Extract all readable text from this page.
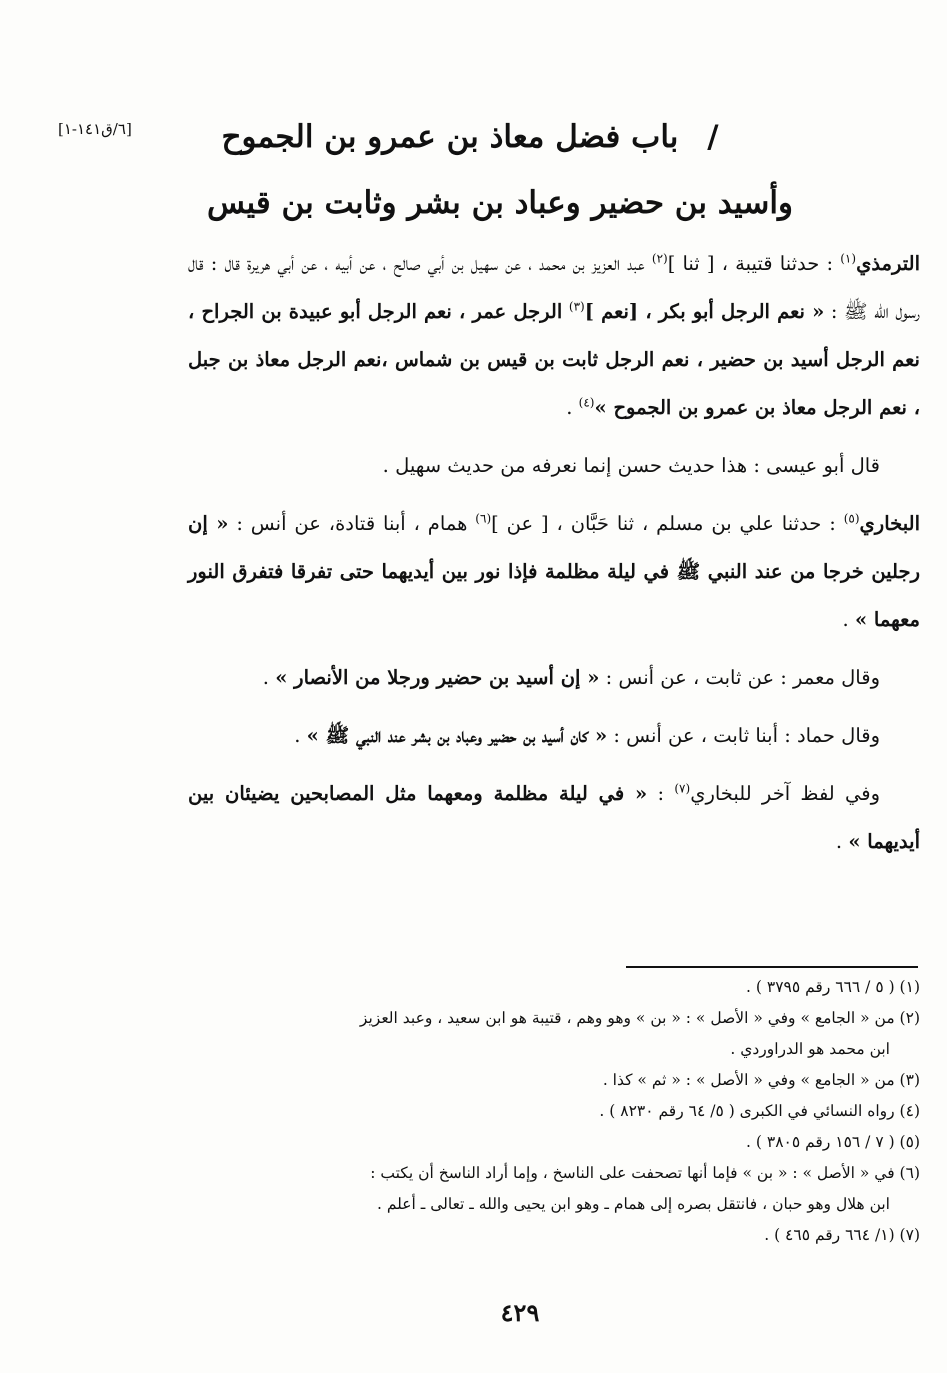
[٦/ق١٤١-١]	/ باب فضل معاذ بن عمرو بن الجموح
وأسيد بن حضير وعباد بن بشر وثابت بن قيس

الترمذي$^{(١)}$ : حدثنا قتيبة ، [ ثنا ]$^{(٢)}$ عبد العزيز بن محمد ، عن سهيل بن أبي صالح ، عن أبيه ، عن أبي هريرة قال : قال رسول الله ﷺ : « نعم الرجل أبو بكر ، [نعم ]$^{(٣)}$ الرجل عمر ، نعم الرجل أبو عبيدة بن الجراح ، نعم الرجل أسيد بن حضير ، نعم الرجل ثابت بن قيس بن شماس ،نعم الرجل معاذ بن جبل ، نعم الرجل معاذ بن عمرو بن الجموح »$^{(٤)}$ .

قال أبو عيسى : هذا حديث حسن إنما نعرفه من حديث سهيل .

البخاري$^{(٥)}$ : حدثنا علي بن مسلم ، ثنا حَبَّان ، [ عن ]$^{(٦)}$ همام ، أبنا قتادة، عن أنس : « إن رجلين خرجا من عند النبي ﷺ في ليلة مظلمة فإذا نور بين أيديهما حتى تفرقا فتفرق النور معهما » .

وقال معمر : عن ثابت ، عن أنس : « إن أسيد بن حضير ورجلا من الأنصار » .

وقال حماد : أبنا ثابت ، عن أنس : « كان أسيد بن حضير وعباد بن بشر عند النبي ﷺ » .

وفي لفظ آخر للبخاري$^{(٧)}$ : « في ليلة مظلمة ومعهما مثل المصابحين يضيئان بين أيديهما » .

(١) ( ٥ / ٦٦٦ رقم ٣٧٩٥ ) .
(٢) من « الجامع » وفي « الأصل » : « بن » وهو وهم ، قتيبة هو ابن سعيد ، وعبد العزيز
ابن محمد هو الدراوردي .
(٣) من « الجامع » وفي « الأصل » : « ثم » كذا .
(٤) رواه النسائي في الكبرى ( ٥/ ٦٤ رقم ٨٢٣٠ ) .
(٥) ( ٧ / ١٥٦ رقم ٣٨٠٥ ) .
(٦) في « الأصل » : « بن » فإما أنها تصحفت على الناسخ ، وإما أراد الناسخ أن يكتب :
ابن هلال وهو حبان ، فانتقل بصره إلى همام ـ وهو ابن يحيى والله ـ تعالى ـ أعلم .
(٧) (١/ ٦٦٤ رقم ٤٦٥ ) .
٤٢٩
